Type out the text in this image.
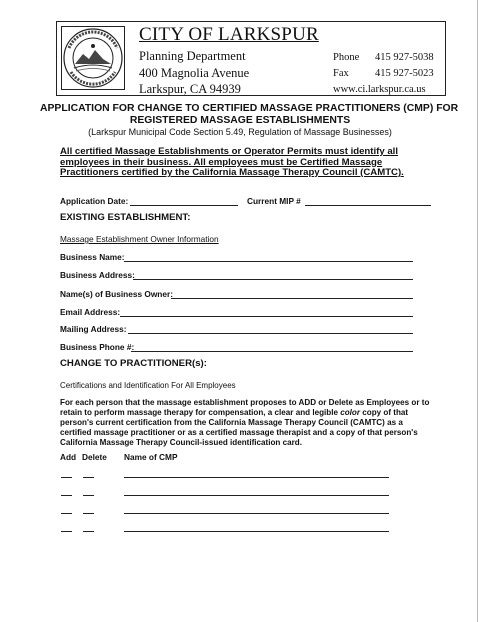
CITY OF LARKSPUR
Planning Department
400 Magnolia Avenue
Larkspur, CA 94939
Phone 415 927-5038
Fax	415 927-5023
www.ci.larkspur.ca.us
APPLICATION FOR CHANGE TO CERTIFIED MASSAGE PRACTITIONERS (CMP) FOR
REGISTERED MASSAGE ESTABLISHMENTS
(Larkspur Municipal Code Section 5.49, Regulation of Massage Businesses)
All certified Massage Establishments or Operator Permits must identify all employees in their business. All employees must be Certified Massage Practitioners certified by the California Massage Therapy Council (CAMTC).
Application Date:	Current MIP #
EXISTING ESTABLISHMENT:
Massage Establishment Owner Information
Business Name:
Business Address:
Name(s) of Business Owner:
Email Address:
Mailing Address:
Business Phone #:
CHANGE TO PRACTITIONER(s):
Certifications and Identification For All Employees
For each person that the massage establishment proposes to ADD or Delete as Employees or to retain to perform massage therapy for compensation, a clear and legible color copy of that person's current certification from the California Massage Therapy Council (CAMTC) as a certified massage practitioner or as a certified massage therapist and a copy of that person's California Massage Therapy Council-issued identification card.
Add Delete Name of CMP
